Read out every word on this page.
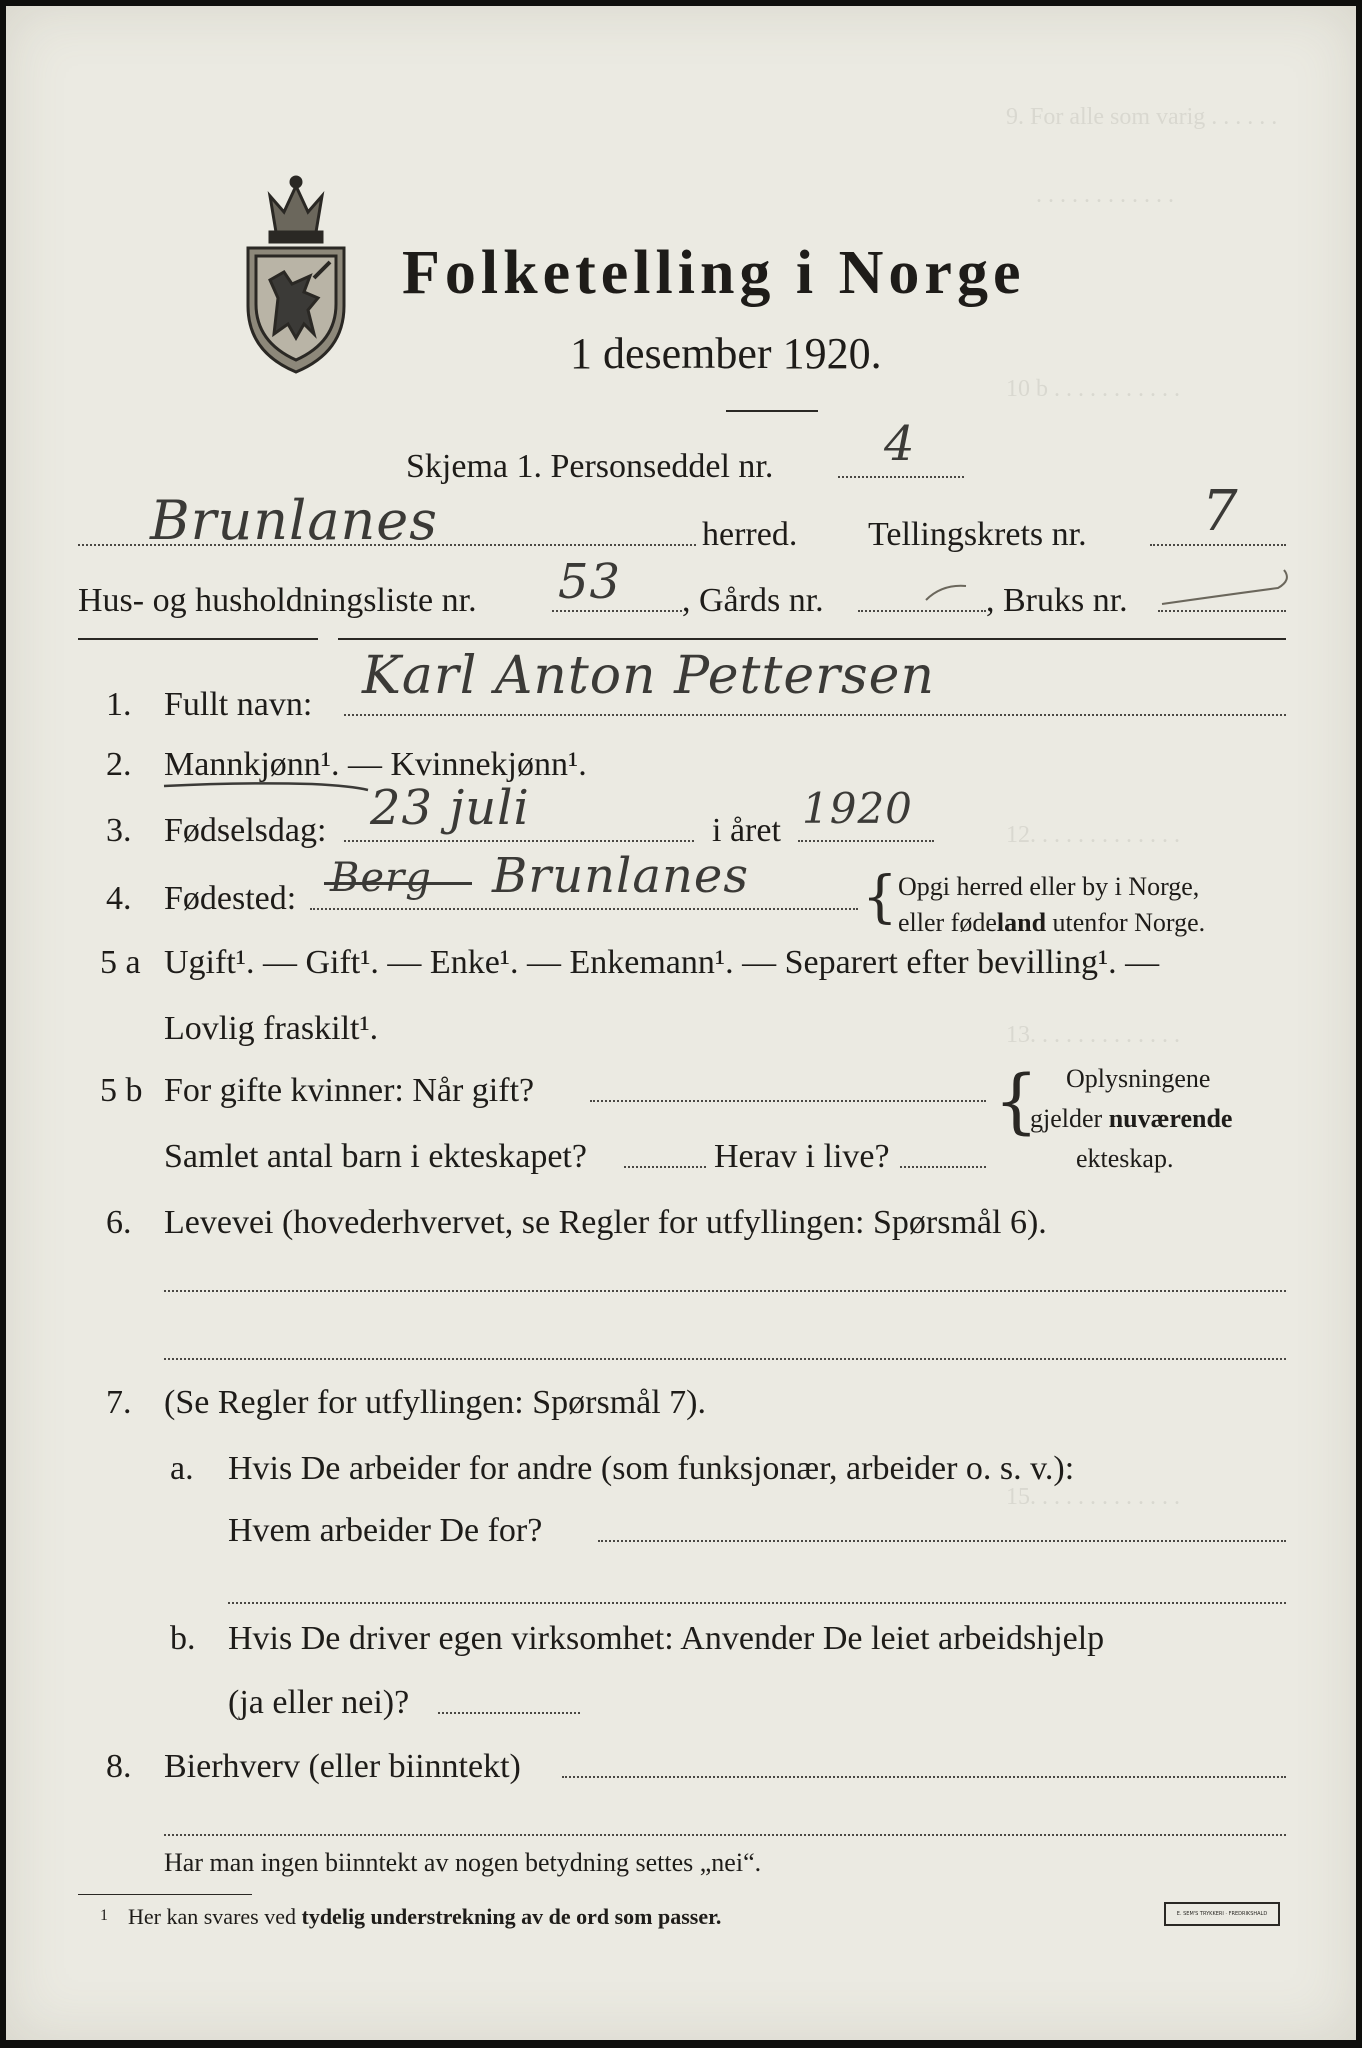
9. For alle som varig . . . . . .
. . . . . . . . . . . .
10 b . . . . . . . . . . .
12. . . . . . . . . . . . .
13. . . . . . . . . . . . .
15. . . . . . . . . . . . .
Folketelling i Norge
1 desember 1920.
Skjema 1. Personseddel nr. 4
Brunlanes	herred. Tellingskrets nr. 7
Hus- og husholdningsliste nr. 53 , Gårds nr.	, Bruks nr.
1. Fullt navn: Karl Anton Pettersen
2. Mannkjønn¹. — Kvinnekjønn¹.
3. Fødselsdag: 23 juli	i året 1920
4. Fødested: Berg Brunlanes { Opgi herred eller by i Norge,
eller fødeland utenfor Norge.
5 a Ugift¹. — Gift¹. — Enke¹. — Enkemann¹. — Separert efter bevilling¹. —
Lovlig fraskilt¹.
5 b For gifte kvinner: Når gift?
Samlet antal barn i ekteskapet?	Herav i live?
{ Oplysningene
gjelder nuværende
ekteskap.
6. Levevei (hovederhvervet, se Regler for utfyllingen: Spørsmål 6).
7. (Se Regler for utfyllingen: Spørsmål 7).
a. Hvis De arbeider for andre (som funksjonær, arbeider o. s. v.):
Hvem arbeider De for?
b. Hvis De driver egen virksomhet: Anvender De leiet arbeidshjelp
(ja eller nei)?
8. Bierhverv (eller biinntekt)
Har man ingen biinntekt av nogen betydning settes „nei“.
1 Her kan svares ved tydelig understrekning av de ord som passer.	E. SEM'S TRYKKERI · FREDRIKSHALD
